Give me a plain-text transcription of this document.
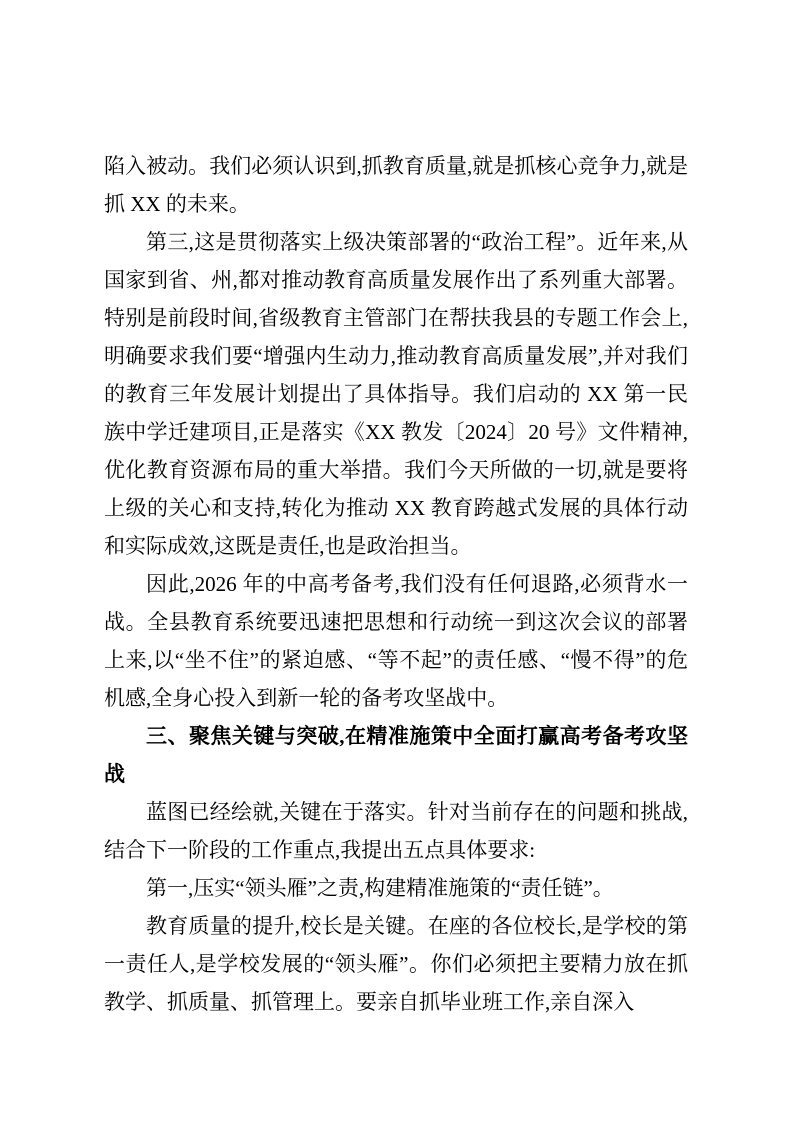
陷入被动。我们必须认识到,抓教育质量,就是抓核心竞争力,就是抓 XX 的未来。

第三,这是贯彻落实上级决策部署的“政治工程”。近年来,从国家到省、州,都对推动教育高质量发展作出了系列重大部署。特别是前段时间,省级教育主管部门在帮扶我县的专题工作会上,明确要求我们要“增强内生动力,推动教育高质量发展”,并对我们的教育三年发展计划提出了具体指导。我们启动的 XX 第一民族中学迁建项目,正是落实《XX 教发〔2024〕20 号》文件精神,优化教育资源布局的重大举措。我们今天所做的一切,就是要将上级的关心和支持,转化为推动 XX 教育跨越式发展的具体行动和实际成效,这既是责任,也是政治担当。

因此,2026 年的中高考备考,我们没有任何退路,必须背水一战。全县教育系统要迅速把思想和行动统一到这次会议的部署上来,以“坐不住”的紧迫感、“等不起”的责任感、“慢不得”的危机感,全身心投入到新一轮的备考攻坚战中。

三、聚焦关键与突破,在精准施策中全面打赢高考备考攻坚战

蓝图已经绘就,关键在于落实。针对当前存在的问题和挑战,结合下一阶段的工作重点,我提出五点具体要求:

第一,压实“领头雁”之责,构建精准施策的“责任链”。

教育质量的提升,校长是关键。在座的各位校长,是学校的第一责任人,是学校发展的“领头雁”。你们必须把主要精力放在抓教学、抓质量、抓管理上。要亲自抓毕业班工作,亲自深入
